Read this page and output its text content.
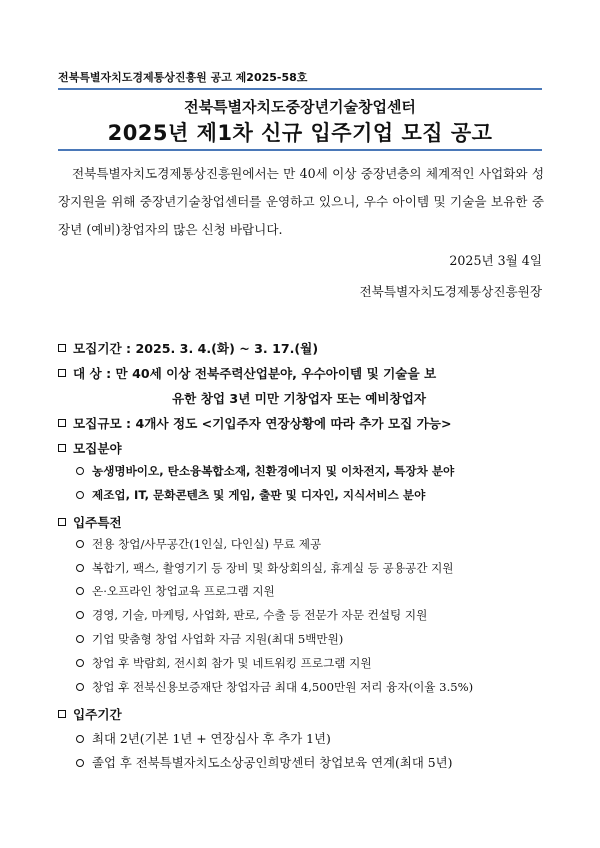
전북특별자치도경제통상진흥원 공고 제2025-58호
전북특별자치도중장년기술창업센터
2025년 제1차 신규 입주기업 모집 공고

전북특별자치도경제통상진흥원에서는 만 40세 이상 중장년층의 체계적인 사업화와 성장지원을 위해 중장년기술창업센터를 운영하고 있으니, 우수 아이템 및 기술을 보유한 중장년 (예비)창업자의 많은 신청 바랍니다.

2025년 3월 4일
전북특별자치도경제통상진흥원장
모집기간 : 2025. 3. 4.(화) ~ 3. 17.(월)
대 상 : 만 40세 이상 전북주력산업분야, 우수아이템 및 기술을 보
유한 창업 3년 미만 기창업자 또는 예비창업자
모집규모 : 4개사 정도 <기입주자 연장상황에 따라 추가 모집 가능>
모집분야
농생명바이오, 탄소융복합소재, 친환경에너지 및 이차전지, 특장차 분야
제조업, IT, 문화콘텐츠 및 게임, 출판 및 디자인, 지식서비스 분야
입주특전
전용 창업/사무공간(1인실, 다인실) 무료 제공
복합기, 팩스, 촬영기기 등 장비 및 화상회의실, 휴게실 등 공용공간 지원
온·오프라인 창업교육 프로그램 지원
경영, 기술, 마케팅, 사업화, 판로, 수출 등 전문가 자문 컨설팅 지원
기업 맞춤형 창업 사업화 자금 지원(최대 5백만원)
창업 후 박람회, 전시회 참가 및 네트워킹 프로그램 지원
창업 후 전북신용보증재단 창업자금 최대 4,500만원 저리 융자(이율 3.5%)
입주기간
최대 2년(기본 1년 + 연장심사 후 추가 1년)
졸업 후 전북특별자치도소상공인희망센터 창업보육 연계(최대 5년)
